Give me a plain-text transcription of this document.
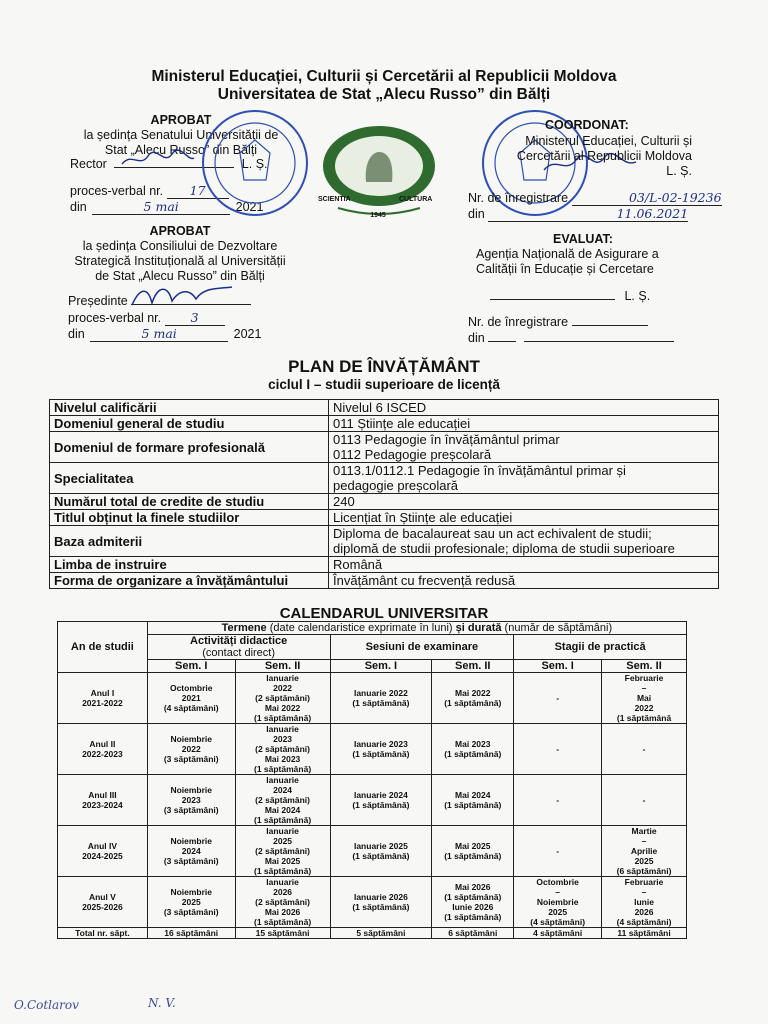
Ministerul Educației, Culturii și Cercetării al Republicii Moldova
Universitatea de Stat „Alecu Russo” din Bălți
APROBAT
la ședința Senatului Universității de
Stat „Alecu Russo” din Bălți
Rector	L. Ș.
proces-verbal nr. 17
din	5 mai	2021
APROBAT
la ședința Consiliului de Dezvoltare
Strategică Instituțională al Universității
de Stat „Alecu Russo” din Bălți
Președinte
proces-verbal nr. 3
din	5 mai	2021
SCIENTIA	CULTURA
1945
COORDONAT:
Ministerul Educației, Culturii și
Cercetării al Republicii Moldova
L. Ș.
Nr. de înregistrare	03/L-02-19236
din	11.06.2021
EVALUAT:
Agenția Națională de Asigurare a
Calității în Educație și Cercetare
L. Ș.
Nr. de înregistrare
din
PLAN DE ÎNVĂȚĂMÂNT
ciclul I – studii superioare de licență
Nivelul calificării	Nivelul 6 ISCED

Domeniul general de studiu	011 Științe ale educației

Domeniul de formare profesională	0113 Pedagogie în învățământul primar
0112 Pedagogie preșcolară

Specialitatea	0113.1/0112.1 Pedagogie în învățământul primar și
pedagogie preșcolară

Numărul total de credite de studiu	240

Titlul obținut la finele studiilor	Licențiat în Științe ale educației

Baza admiterii	Diploma de bacalaureat sau un act echivalent de studii;
diplomă de studii profesionale; diploma de studii superioare

Limba de instruire	Română

Forma de organizare a învățământului	Învățământ cu frecvență redusă
CALENDARUL UNIVERSITAR
An de studii	Termene (date calendaristice exprimate în luni) și durată (număr de săptămâni)					

	Activități didactice
(contact direct)		Sesiuni de examinare		Stagii de practică	
	Sem. I	Sem. II	Sem. I	Sem. II	Sem. I	Sem. II
Anul I
2021-2022	Octombrie
2021
(4 săptămâni)	Ianuarie
2022
(2 săptămâni)
Mai 2022
(1 săptămână)	Ianuarie 2022
(1 săptămână)	Mai 2022
(1 săptămână)	-	Februarie
–
Mai
2022
(1 săptămână
Anul II
2022-2023	Noiembrie
2022
(3 săptămâni)	Ianuarie
2023
(2 săptămâni)
Mai 2023
(1 săptămână)	Ianuarie 2023
(1 săptămână)	Mai 2023
(1 săptămână)	-	-
Anul III
2023-2024	Noiembrie
2023
(3 săptămâni)	Ianuarie
2024
(2 săptămâni)
Mai 2024
(1 săptămână)	Ianuarie 2024
(1 săptămână)	Mai 2024
(1 săptămână)	-	-
Anul IV
2024-2025	Noiembrie
2024
(3 săptămâni)	Ianuarie
2025
(2 săptămâni)
Mai 2025
(1 săptămână)	Ianuarie 2025
(1 săptămână)	Mai 2025
(1 săptămână)	-	Martie
–
Aprilie
2025
(6 săptămâni)
Anul V
2025-2026	Noiembrie
2025
(3 săptămâni)	Ianuarie
2026
(2 săptămâni)
Mai 2026
(1 săptămână)	Ianuarie 2026
(1 săptămână)	Mai 2026
(1 săptămână)
Iunie 2026
(1 săptămână)	Octombrie
–
Noiembrie
2025
(4 săptămâni)	Februarie
–
Iunie
2026
(4 săptămâni)
Total nr. săpt.	16 săptămâni	15 săptămâni	5 săptămâni	6 săptămâni	4 săptămâni	11 săptămâni
O.Cotlarov	N. V.
